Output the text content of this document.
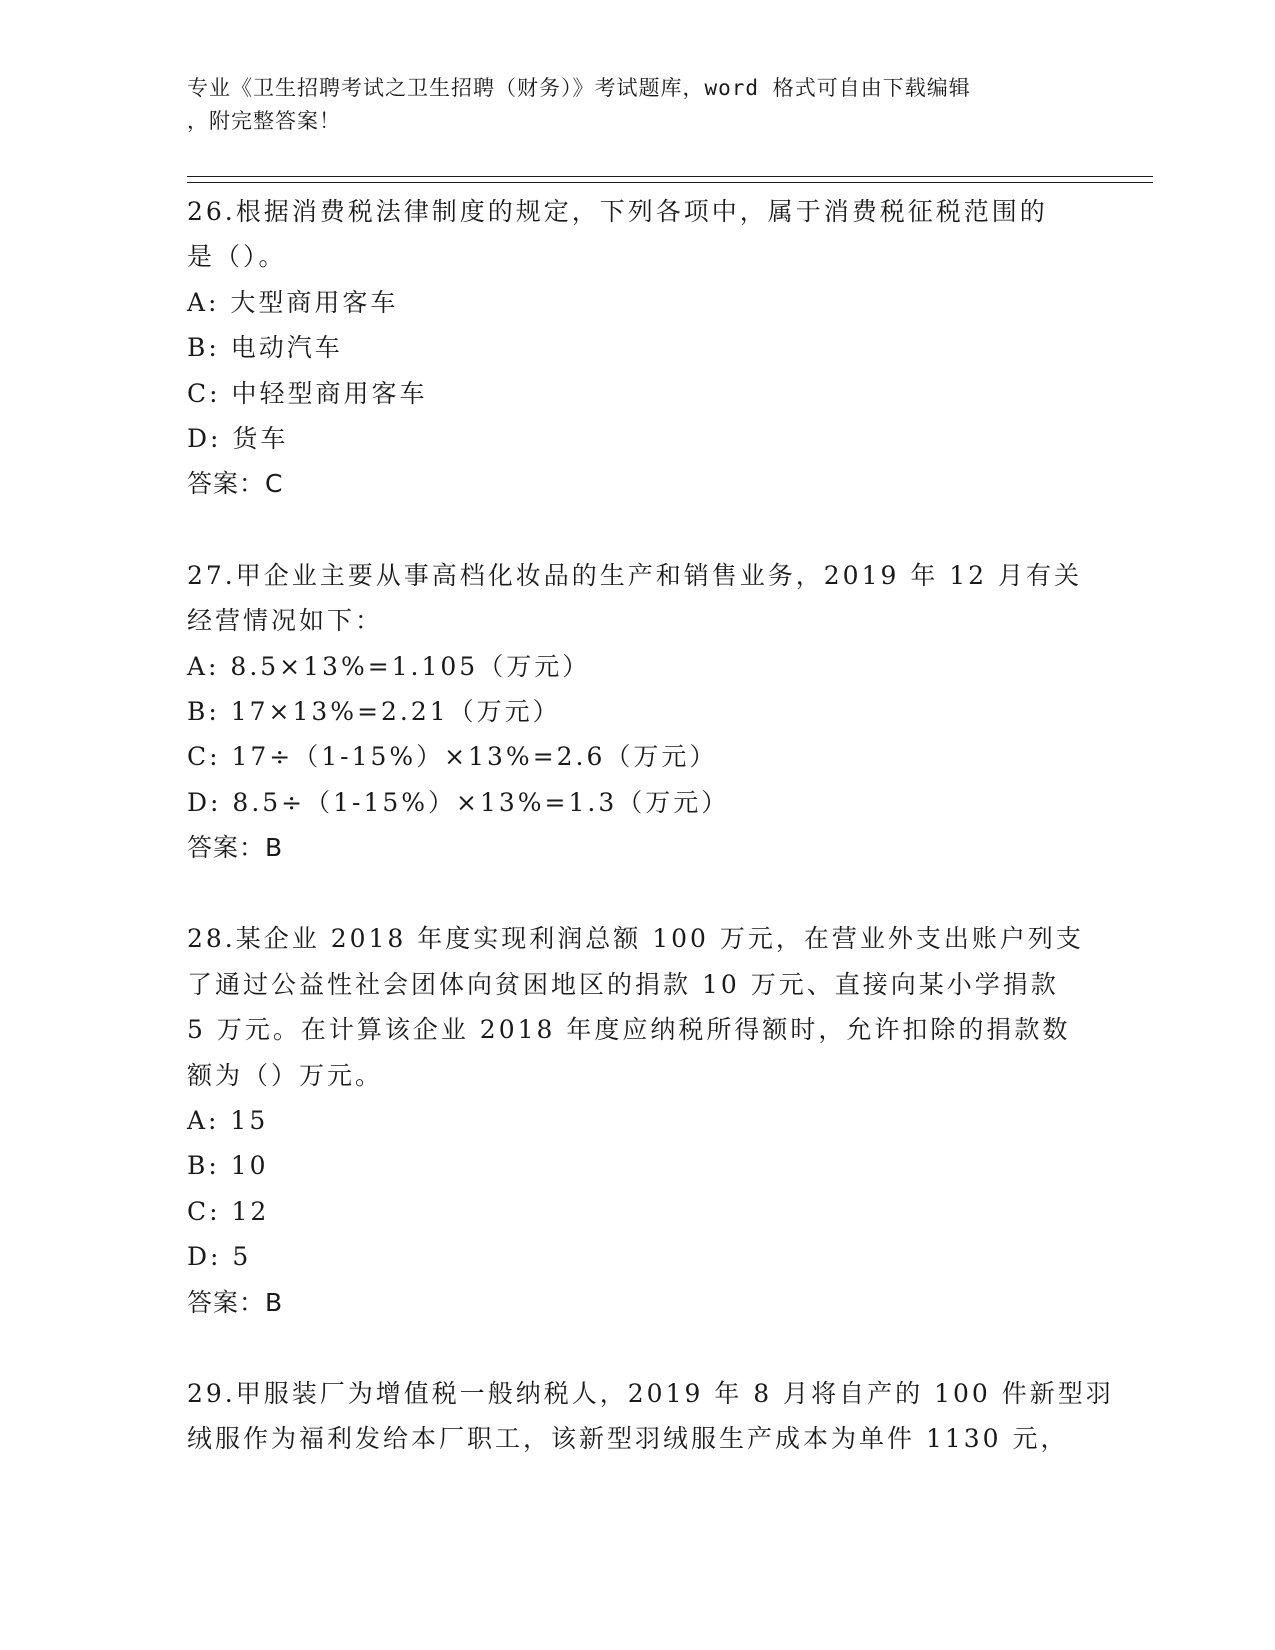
专业《卫生招聘考试之卫生招聘（财务）》考试题库，word 格式可自由下载编辑
，附完整答案！
26.根据消费税法律制度的规定，下列各项中，属于消费税征税范围的
是（）。
A: 大型商用客车
B: 电动汽车
C: 中轻型商用客车
D: 货车
答案：C
27.甲企业主要从事高档化妆品的生产和销售业务，2019 年 12 月有关
经营情况如下：
A: 8.5×13%=1.105（万元）
B: 17×13%=2.21（万元）
C: 17÷（1-15%）×13%=2.6（万元）
D: 8.5÷（1-15%）×13%=1.3（万元）
答案：B
28.某企业 2018 年度实现利润总额 100 万元，在营业外支出账户列支
了通过公益性社会团体向贫困地区的捐款 10 万元、直接向某小学捐款
5 万元。在计算该企业 2018 年度应纳税所得额时，允许扣除的捐款数
额为（）万元。
A: 15
B: 10
C: 12
D: 5
答案：B
29.甲服装厂为增值税一般纳税人，2019 年 8 月将自产的 100 件新型羽
绒服作为福利发给本厂职工，该新型羽绒服生产成本为单件 1130 元，
